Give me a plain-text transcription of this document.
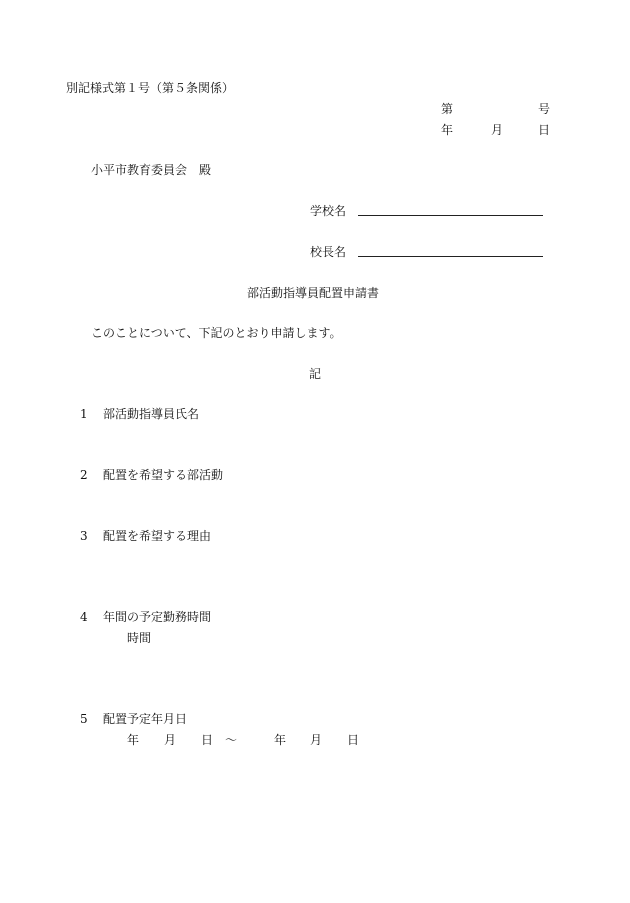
別記様式第１号（第５条関係）
第	号
年	月	日
小平市教育委員会　殿
学校名
校長名
部活動指導員配置申請書
このことについて、下記のとおり申請します。
記
1 部活動指導員氏名
2 配置を希望する部活動
3 配置を希望する理由
4 年間の予定勤務時間
時間
5 配置予定年月日
年 月 日 ～	年 月 日
